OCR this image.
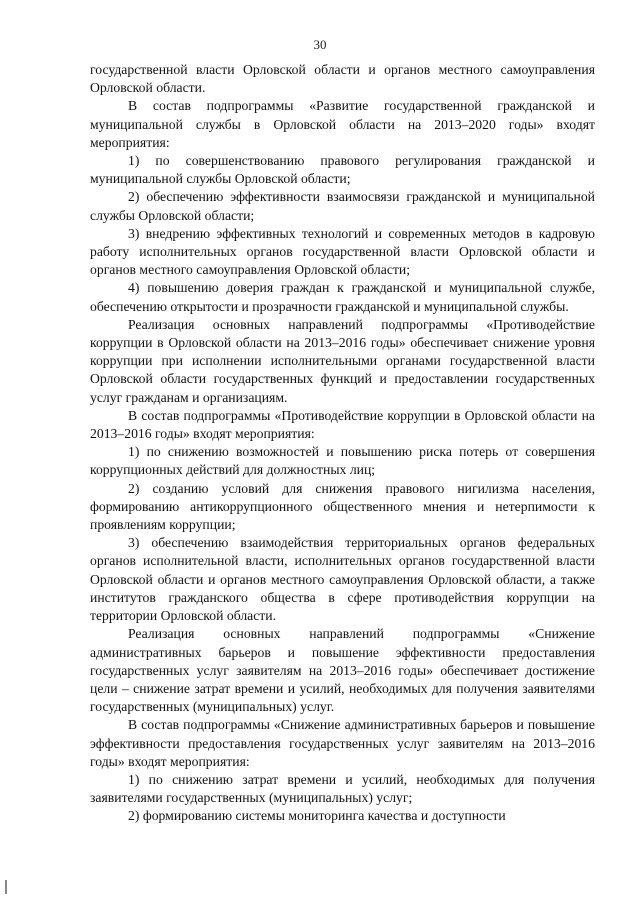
30

государственной власти Орловской области и органов местного самоуправления Орловской области.

В состав подпрограммы «Развитие государственной гражданской и муниципальной службы в Орловской области на 2013–2020 годы» входят мероприятия:

1) по совершенствованию правового регулирования гражданской и муниципальной службы Орловской области;

2) обеспечению эффективности взаимосвязи гражданской и муниципальной службы Орловской области;

3) внедрению эффективных технологий и современных методов в кадровую работу исполнительных органов государственной власти Орловской области и органов местного самоуправления Орловской области;

4) повышению доверия граждан к гражданской и муниципальной службе, обеспечению открытости и прозрачности гражданской и муниципальной службы.

Реализация основных направлений подпрограммы «Противодействие коррупции в Орловской области на 2013–2016 годы» обеспечивает снижение уровня коррупции при исполнении исполнительными органами государственной власти Орловской области государственных функций и предоставлении государственных услуг гражданам и организациям.

В состав подпрограммы «Противодействие коррупции в Орловской области на 2013–2016 годы» входят мероприятия:

1) по снижению возможностей и повышению риска потерь от совершения коррупционных действий для должностных лиц;

2) созданию условий для снижения правового нигилизма населения, формированию антикоррупционного общественного мнения и нетерпимости к проявлениям коррупции;

3) обеспечению взаимодействия территориальных органов федеральных органов исполнительной власти, исполнительных органов государственной власти Орловской области и органов местного самоуправления Орловской области, а также институтов гражданского общества в сфере противодействия коррупции на территории Орловской области.

Реализация основных направлений подпрограммы «Снижение административных барьеров и повышение эффективности предоставления государственных услуг заявителям на 2013–2016 годы» обеспечивает достижение цели – снижение затрат времени и усилий, необходимых для получения заявителями государственных (муниципальных) услуг.

В состав подпрограммы «Снижение административных барьеров и повышение эффективности предоставления государственных услуг заявителям на 2013–2016 годы» входят мероприятия:

1) по снижению затрат времени и усилий, необходимых для получения заявителями государственных (муниципальных) услуг;

2) формированию системы мониторинга качества и доступности
